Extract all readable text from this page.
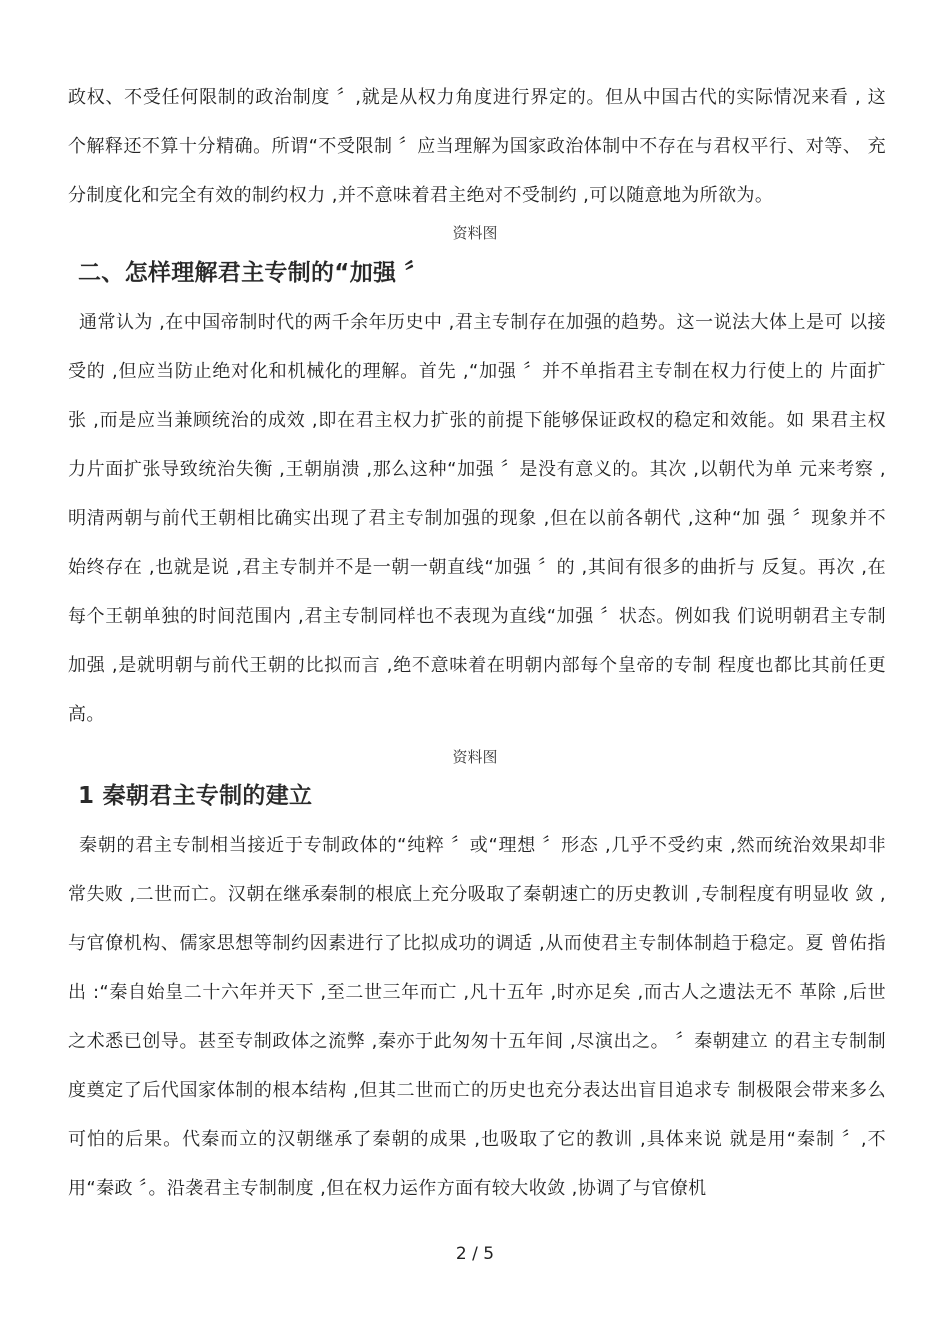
政权、不受任何限制的政治制度 〞,就是从权力角度进行界定的。但从中国古代的实际情况来看 , 这个解释还不算十分精确。所谓“不受限制 〞应当理解为国家政治体制中不存在与君权平行、对等、 充分制度化和完全有效的制约权力 ,并不意味着君主绝对不受制约 ,可以随意地为所欲为。

资料图

二、怎样理解君主专制的“加强 〞

通常认为 ,在中国帝制时代的两千余年历史中 ,君主专制存在加强的趋势。这一说法大体上是可 以接受的 ,但应当防止绝对化和机械化的理解。首先 ,“加强 〞并不单指君主专制在权力行使上的 片面扩张 ,而是应当兼顾统治的成效 ,即在君主权力扩张的前提下能够保证政权的稳定和效能。如 果君主权力片面扩张导致统治失衡 ,王朝崩溃 ,那么这种“加强 〞是没有意义的。其次 ,以朝代为单 元来考察 ,明清两朝与前代王朝相比确实出现了君主专制加强的现象 ,但在以前各朝代 ,这种“加 强 〞现象并不始终存在 ,也就是说 ,君主专制并不是一朝一朝直线“加强 〞的 ,其间有很多的曲折与 反复。再次 ,在每个王朝单独的时间范围内 ,君主专制同样也不表现为直线“加强 〞状态。例如我 们说明朝君主专制加强 ,是就明朝与前代王朝的比拟而言 ,绝不意味着在明朝内部每个皇帝的专制 程度也都比其前任更高。

资料图

1 秦朝君主专制的建立

秦朝的君主专制相当接近于专制政体的“纯粹 〞或“理想 〞形态 ,几乎不受约束 ,然而统治效果却非 常失败 ,二世而亡。汉朝在继承秦制的根底上充分吸取了秦朝速亡的历史教训 ,专制程度有明显收 敛 ,与官僚机构、儒家思想等制约因素进行了比拟成功的调适 ,从而使君主专制体制趋于稳定。夏 曾佑指出 :“秦自始皇二十六年并天下 ,至二世三年而亡 ,凡十五年 ,时亦足矣 ,而古人之遗法无不 革除 ,后世之术悉已创导。甚至专制政体之流弊 ,秦亦于此匆匆十五年间 ,尽演出之。 〞秦朝建立 的君主专制制度奠定了后代国家体制的根本结构 ,但其二世而亡的历史也充分表达出盲目追求专 制极限会带来多么可怕的后果。代秦而立的汉朝继承了秦朝的成果 ,也吸取了它的教训 ,具体来说 就是用“秦制 〞,不用“秦政 〞。沿袭君主专制制度 ,但在权力运作方面有较大收敛 ,协调了与官僚机

2 / 5
